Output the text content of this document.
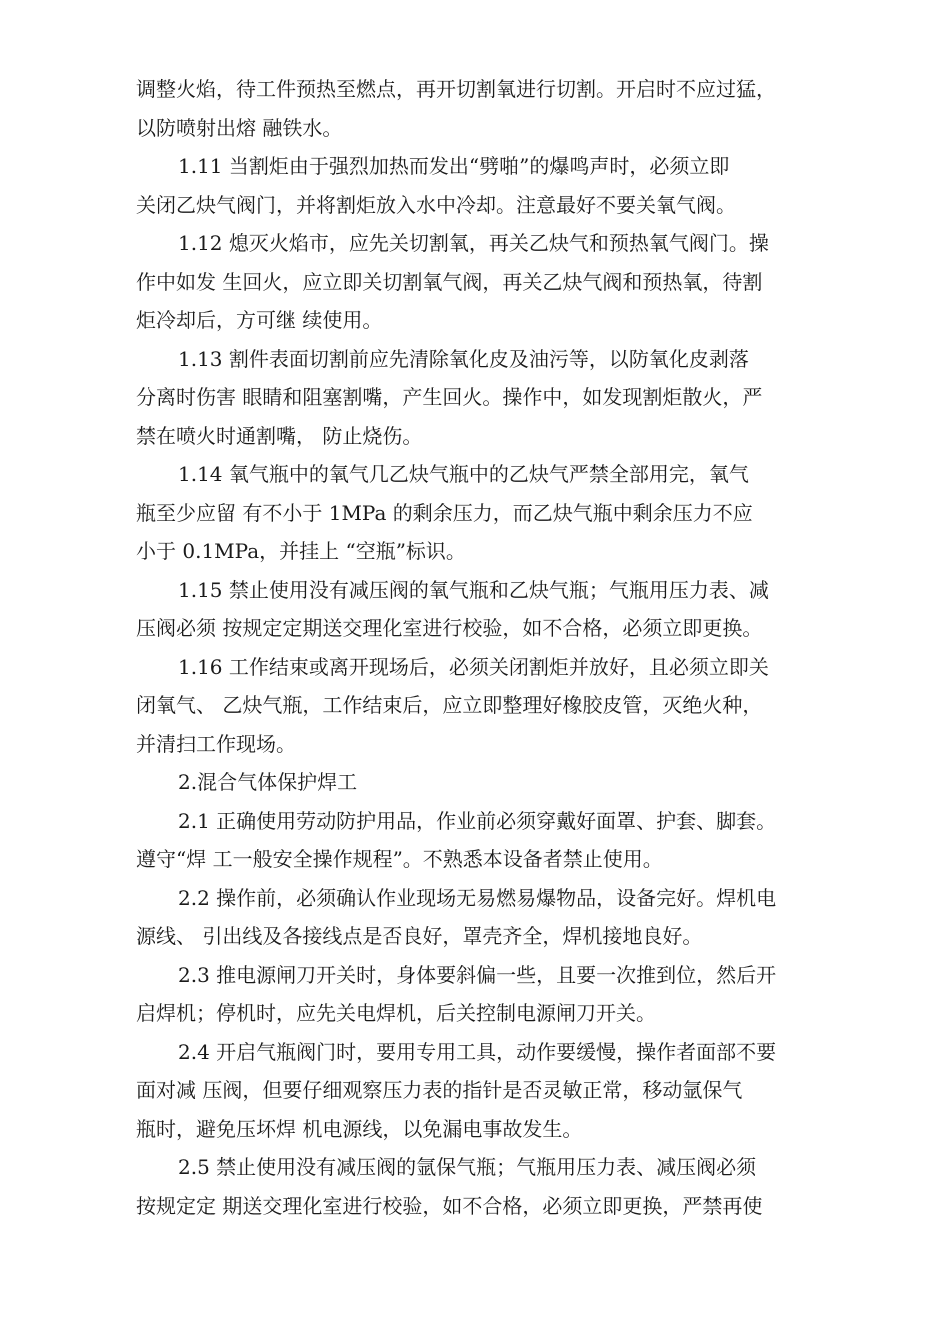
调整火焰，待工件预热至燃点，再开切割氧进行切割。开启时不应过猛，
以防喷射出熔 融铁水。

1.11 当割炬由于强烈加热而发出“劈啪”的爆鸣声时，必须立即
关闭乙炔气阀门，并将割炬放入水中冷却。注意最好不要关氧气阀。

1.12 熄灭火焰市，应先关切割氧，再关乙炔气和预热氧气阀门。操
作中如发 生回火，应立即关切割氧气阀，再关乙炔气阀和预热氧，待割
炬冷却后，方可继 续使用。

1.13 割件表面切割前应先清除氧化皮及油污等，以防氧化皮剥落
分离时伤害 眼睛和阻塞割嘴，产生回火。操作中，如发现割炬散火，严
禁在喷火时通割嘴， 防止烧伤。

1.14 氧气瓶中的氧气几乙炔气瓶中的乙炔气严禁全部用完，氧气
瓶至少应留 有不小于 1MPa 的剩余压力，而乙炔气瓶中剩余压力不应
小于 0.1MPa，并挂上 “空瓶”标识。

1.15 禁止使用没有减压阀的氧气瓶和乙炔气瓶；气瓶用压力表、减
压阀必须 按规定定期送交理化室进行校验，如不合格，必须立即更换。

1.16 工作结束或离开现场后，必须关闭割炬并放好，且必须立即关
闭氧气、 乙炔气瓶，工作结束后，应立即整理好橡胶皮管，灭绝火种，
并清扫工作现场。

2.混合气体保护焊工

2.1 正确使用劳动防护用品，作业前必须穿戴好面罩、护套、脚套。
遵守“焊 工一般安全操作规程”。不熟悉本设备者禁止使用。

2.2 操作前，必须确认作业现场无易燃易爆物品，设备完好。焊机电
源线、 引出线及各接线点是否良好，罩壳齐全，焊机接地良好。

2.3 推电源闸刀开关时，身体要斜偏一些，且要一次推到位，然后开
启焊机；停机时，应先关电焊机，后关控制电源闸刀开关。

2.4 开启气瓶阀门时，要用专用工具，动作要缓慢，操作者面部不要
面对减 压阀，但要仔细观察压力表的指针是否灵敏正常，移动氩保气
瓶时，避免压坏焊 机电源线，以免漏电事故发生。

2.5 禁止使用没有减压阀的氩保气瓶；气瓶用压力表、减压阀必须
按规定定 期送交理化室进行校验，如不合格，必须立即更换，严禁再使
